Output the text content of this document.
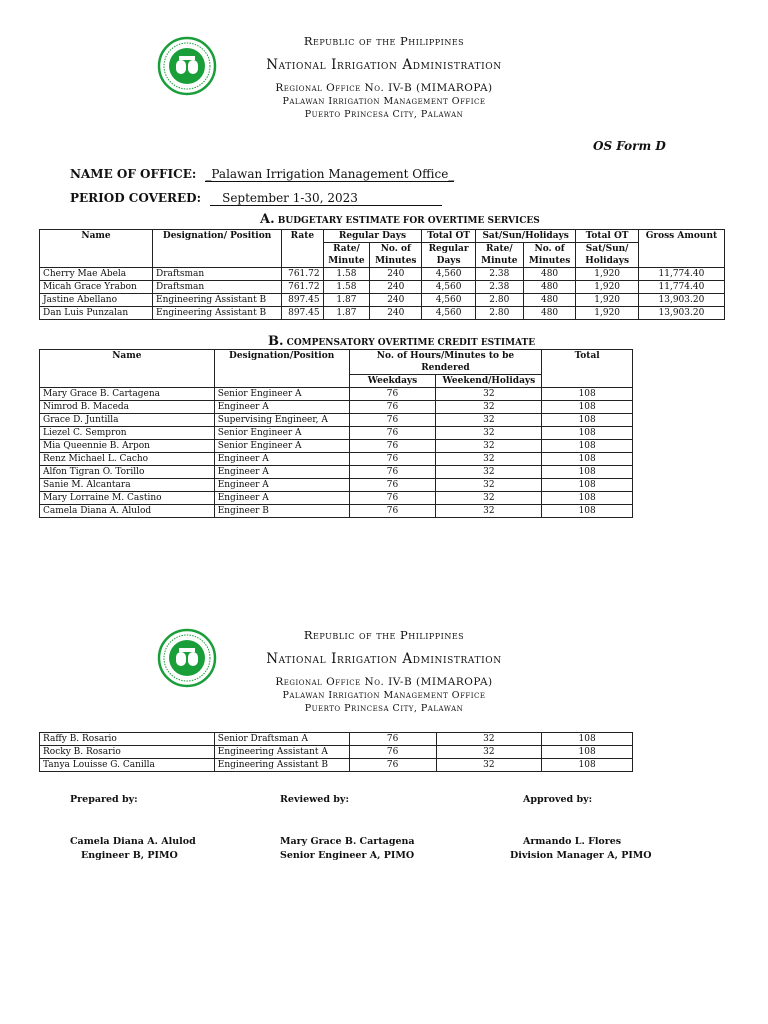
Republic of the Philippines
National Irrigation Administration
Regional Office No. IV-B (MIMAROPA)
Palawan Irrigation Management Office
Puerto Princesa City, Palawan
OS Form D
NAME OF OFFICE: _Palawan Irrigation Management Office_
PERIOD COVERED: September 1-30, 2023
A. BUDGETARY ESTIMATE FOR OVERTIME SERVICES
Name	Designation/ Position	Rate	Regular Days		Total OT	Sat/Sun/Holidays		Total OT	Gross Amount
			Rate/ Minute	No. of Minutes	Regular Days	Rate/ Minute	No. of Minutes	Sat/Sun/ Holidays	
Cherry Mae Abela	Draftsman	761.72	1.58	240	4,560	2.38	480	1,920	11,774.40
Micah Grace Yrabon	Draftsman	761.72	1.58	240	4,560	2.38	480	1,920	11,774.40
Jastine Abellano	Engineering Assistant B	897.45	1.87	240	4,560	2.80	480	1,920	13,903.20
Dan Luis Punzalan	Engineering Assistant B	897.45	1.87	240	4,560	2.80	480	1,920	13,903.20
B. COMPENSATORY OVERTIME CREDIT ESTIMATE
Name	Designation/Position	No. of Hours/Minutes to be Rendered		Total
		Weekdays	Weekend/Holidays	
Mary Grace B. Cartagena	Senior Engineer A	76	32	108
Nimrod B. Maceda	Engineer A	76	32	108
Grace D. Juntilla	Supervising Engineer, A	76	32	108
Liezel C. Sempron	Senior Engineer A	76	32	108
Mia Queennie B. Arpon	Senior Engineer A	76	32	108
Renz Michael L. Cacho	Engineer A	76	32	108
Alfon Tigran O. Torillo	Engineer A	76	32	108
Sanie M. Alcantara	Engineer A	76	32	108
Mary Lorraine M. Castino	Engineer A	76	32	108
Camela Diana A. Alulod	Engineer B	76	32	108
Republic of the Philippines
National Irrigation Administration
Regional Office No. IV-B (MIMAROPA)
Palawan Irrigation Management Office
Puerto Princesa City, Palawan
Raffy B. Rosario	Senior Draftsman A	76	32	108
Rocky B. Rosario	Engineering Assistant A	76	32	108
Tanya Louisse G. Canilla	Engineering Assistant B	76	32	108
Prepared by:	Reviewed by:	Approved by:
Camela Diana A. Alulod
Engineer B, PIMO
Mary Grace B. Cartagena
Senior Engineer A, PIMO
Armando L. Flores
Division Manager A, PIMO
